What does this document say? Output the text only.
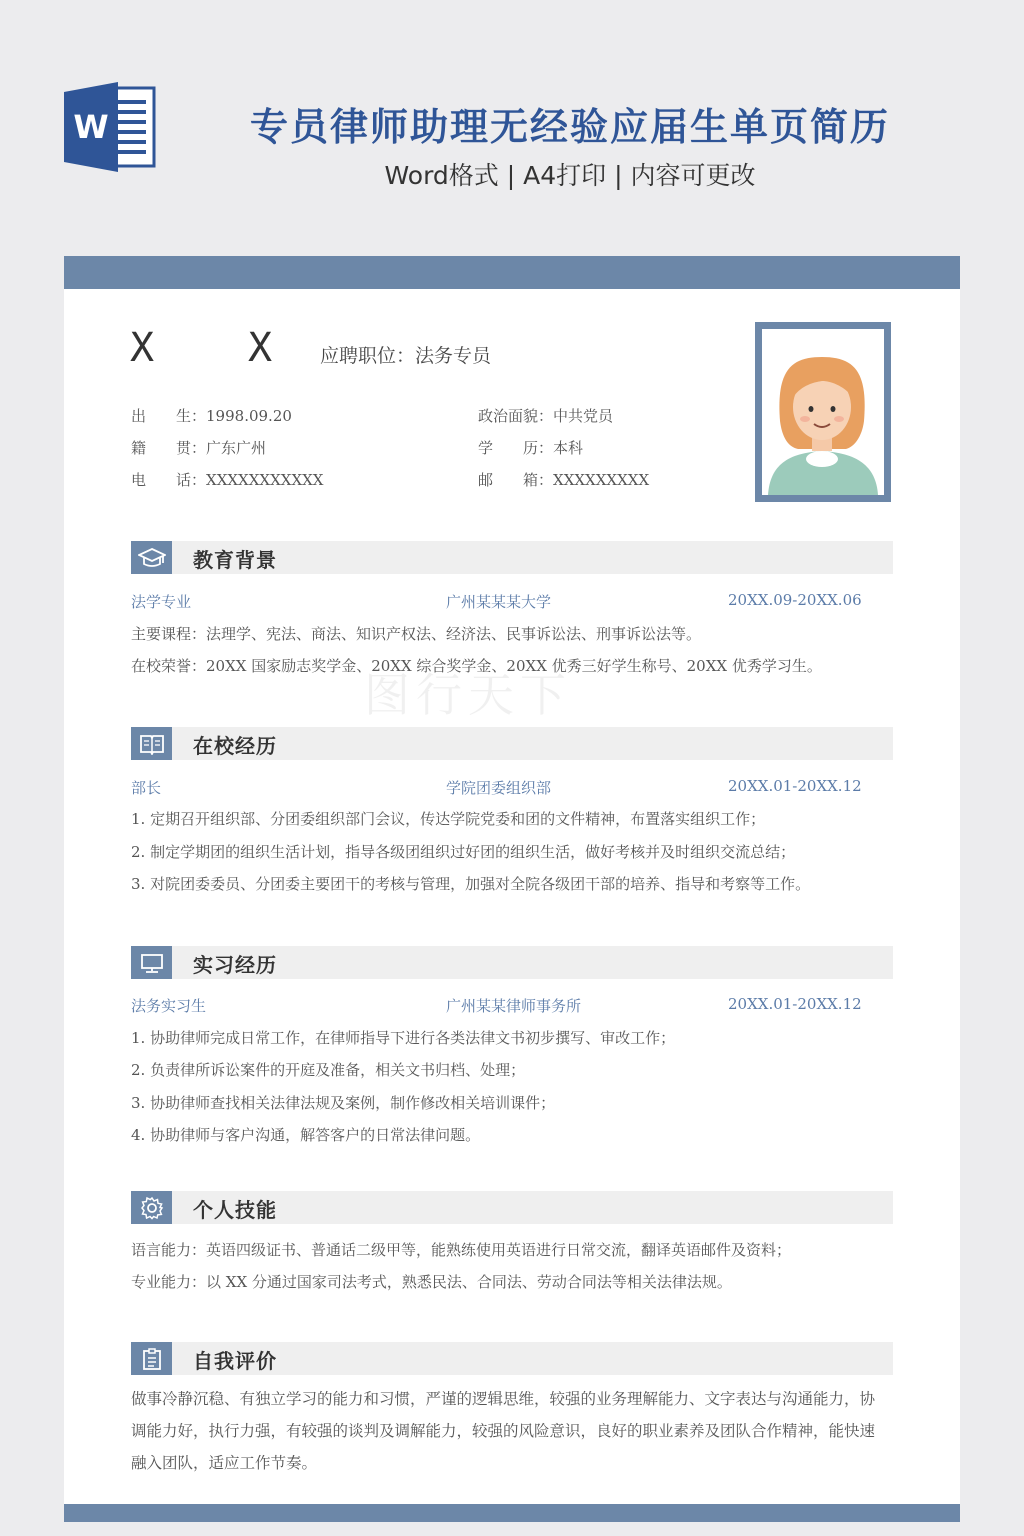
W	专员律师助理无经验应届生单页简历
Word格式 | A4打印 | 内容可更改
图行天下
X X	应聘职位：法务专员
出　　生：1998.09.20	政治面貌：中共党员
籍　　贯：广东广州	学　　历：本科
电　　话：XXXXXXXXXXX	邮　　箱：XXXXXXXXX
教育背景
法学专业	广州某某某大学	20XX.09-20XX.06
主要课程：法理学、宪法、商法、知识产权法、经济法、民事诉讼法、刑事诉讼法等。
在校荣誉：20XX 国家励志奖学金、20XX 综合奖学金、20XX 优秀三好学生称号、20XX 优秀学习生。
在校经历
部长	学院团委组织部	20XX.01-20XX.12
1. 定期召开组织部、分团委组织部门会议，传达学院党委和团的文件精神，布置落实组织工作；
2. 制定学期团的组织生活计划，指导各级团组织过好团的组织生活，做好考核并及时组织交流总结；
3. 对院团委委员、分团委主要团干的考核与管理，加强对全院各级团干部的培养、指导和考察等工作。
实习经历
法务实习生	广州某某律师事务所	20XX.01-20XX.12
1. 协助律师完成日常工作，在律师指导下进行各类法律文书初步撰写、审改工作；
2. 负责律所诉讼案件的开庭及准备，相关文书归档、处理；
3. 协助律师查找相关法律法规及案例，制作修改相关培训课件；
4. 协助律师与客户沟通，解答客户的日常法律问题。
个人技能
语言能力：英语四级证书、普通话二级甲等，能熟练使用英语进行日常交流，翻译英语邮件及资料；
专业能力：以 XX 分通过国家司法考式，熟悉民法、合同法、劳动合同法等相关法律法规。
自我评价
做事冷静沉稳、有独立学习的能力和习惯，严谨的逻辑思维，较强的业务理解能力、文字表达与沟通能力，协调能力好，执行力强，有较强的谈判及调解能力，较强的风险意识，良好的职业素养及团队合作精神，能快速融入团队，适应工作节奏。
